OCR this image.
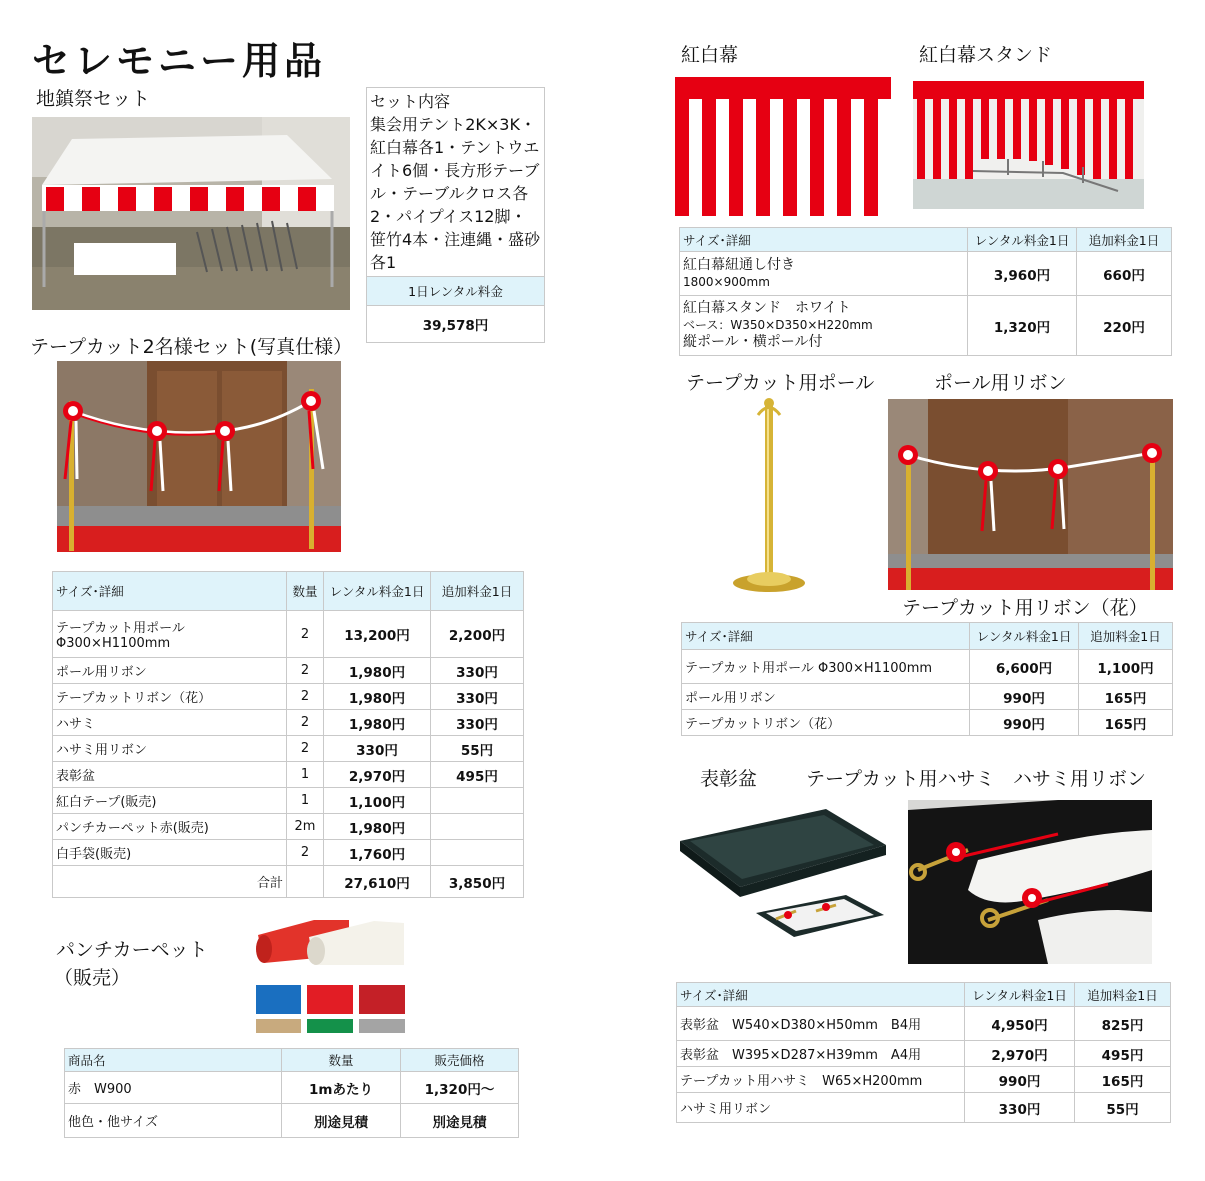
セレモニー用品
地鎮祭セット	セット内容
集会用テント2K×3K・紅白幕各1・テントウエイト6個・長方形テーブル・テーブルクロス各2・パイプイス12脚・笹竹4本・注連縄・盛砂各1
1日レンタル料金
39,578円
テープカット2名様セット(写真仕様）
サイズ･詳細	数量	レンタル料金1日	追加料金1日
テープカット用ポール Φ300×H1100mm	2	13,200円	2,200円
ポール用リボン	2	1,980円	330円
テープカットリボン（花）	2	1,980円	330円
ハサミ	2	1,980円	330円
ハサミ用リボン	2	330円	55円
表彰盆	1	2,970円	495円
紅白テープ(販売)	1	1,100円	
パンチカーペット赤(販売)	2m	1,980円	
白手袋(販売)	2	1,760円	
合計		27,610円	3,850円
パンチカーペット
（販売）
商品名	数量	販売価格
赤　W900	1mあたり	1,320円～
他色・他サイズ	別途見積	別途見積
紅白幕	紅白幕スタンド
サイズ･詳細	レンタル料金1日	追加料金1日

紅白幕紐通し付き
1800×900mm	3,960円	660円

紅白幕スタンド　ホワイト
ベース：W350×D350×H220mm
縦ポール・横ポール付	1,320円	220円
テープカット用ポール	ポール用リボン
テープカット用リボン（花）
サイズ･詳細	レンタル料金1日	追加料金1日
テープカット用ポール Φ300×H1100mm	6,600円	1,100円
ポール用リボン	990円	165円
テープカットリボン（花）	990円	165円
表彰盆	テープカット用ハサミ ハサミ用リボン
サイズ･詳細	レンタル料金1日	追加料金1日
表彰盆　W540×D380×H50mm　B4用	4,950円	825円
表彰盆　W395×D287×H39mm　A4用	2,970円	495円
テープカット用ハサミ　W65×H200mm	990円	165円
ハサミ用リボン	330円	55円
